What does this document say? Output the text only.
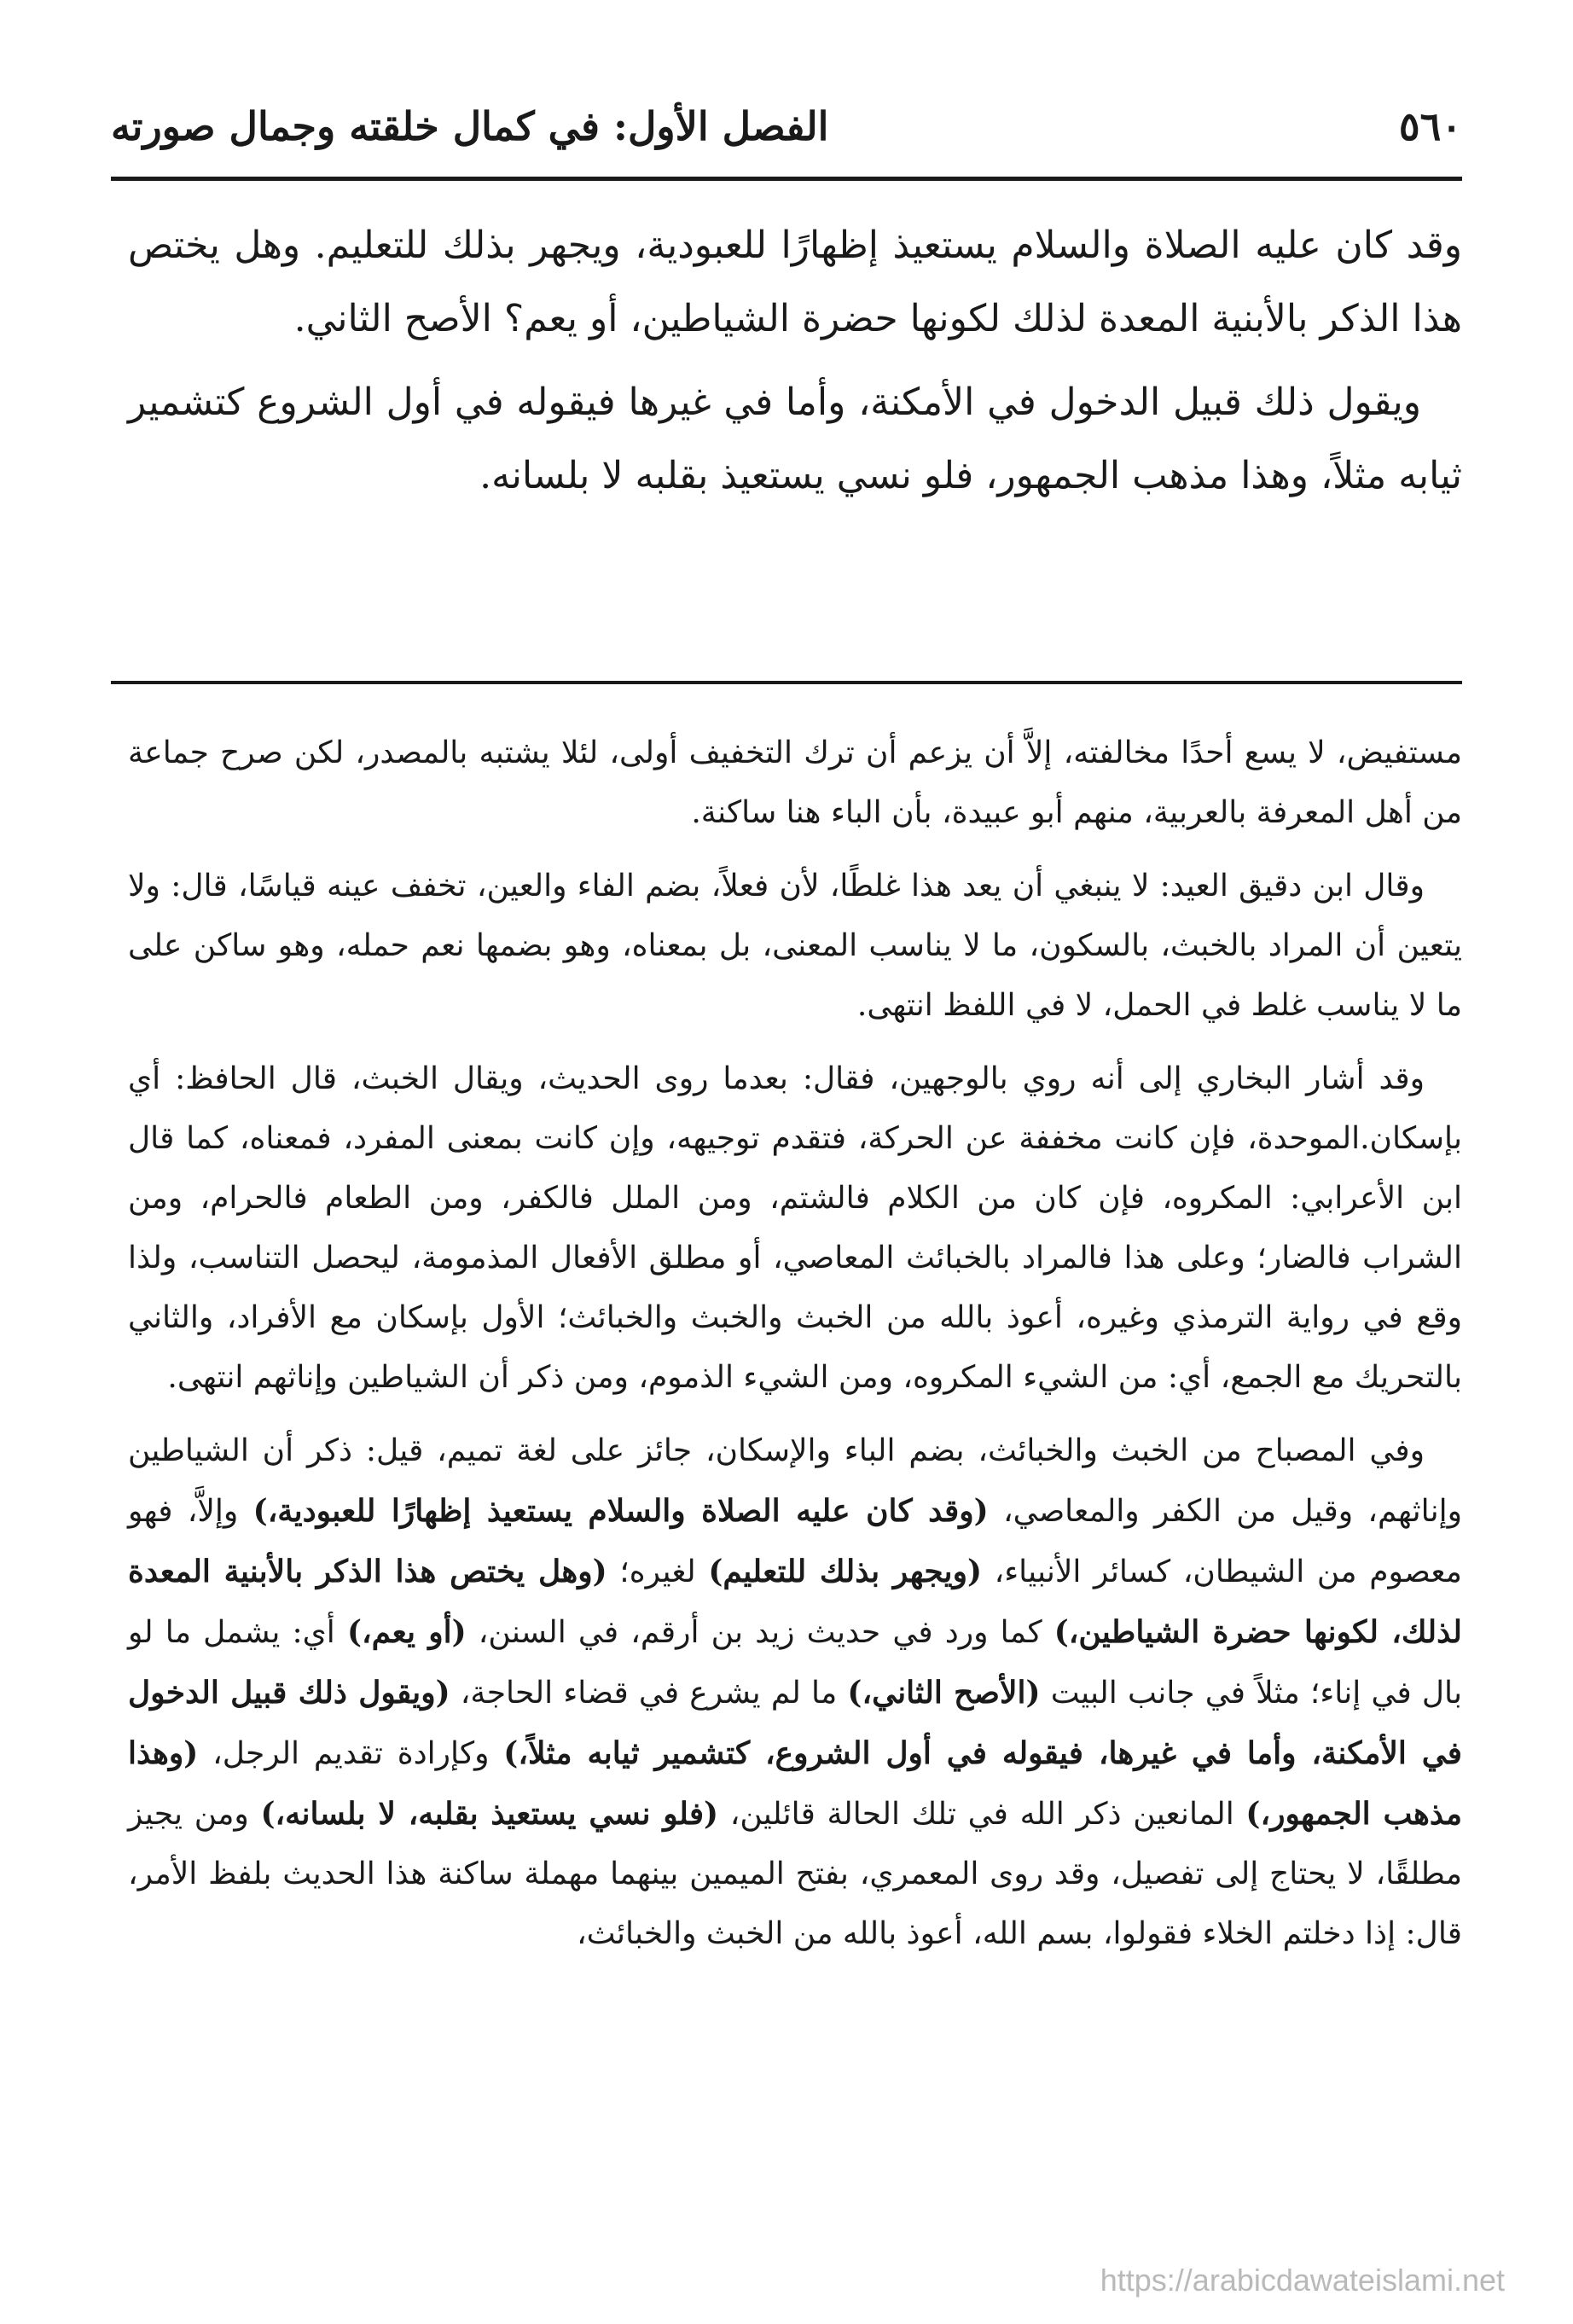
٥٦٠
الفصل الأول: في كمال خلقته وجمال صورته

وقد كان عليه الصلاة والسلام يستعيذ إظهارًا للعبودية، ويجهر بذلك للتعليم. وهل يختص هذا الذكر بالأبنية المعدة لذلك لكونها حضرة الشياطين، أو يعم؟ الأصح الثاني.

ويقول ذلك قبيل الدخول في الأمكنة، وأما في غيرها فيقوله في أول الشروع كتشمير ثيابه مثلاً، وهذا مذهب الجمهور، فلو نسي يستعيذ بقلبه لا بلسانه.

مستفيض، لا يسع أحدًا مخالفته، إلاَّ أن يزعم أن ترك التخفيف أولى، لئلا يشتبه بالمصدر، لكن صرح جماعة من أهل المعرفة بالعربية، منهم أبو عبيدة، بأن الباء هنا ساكنة.

وقال ابن دقيق العيد: لا ينبغي أن يعد هذا غلطًا، لأن فعلاً، بضم الفاء والعين، تخفف عينه قياسًا، قال: ولا يتعين أن المراد بالخبث، بالسكون، ما لا يناسب المعنى، بل بمعناه، وهو بضمها نعم حمله، وهو ساكن على ما لا يناسب غلط في الحمل، لا في اللفظ انتهى.

وقد أشار البخاري إلى أنه روي بالوجهين، فقال: بعدما روى الحديث، ويقال الخبث، قال الحافظ: أي بإسكان.الموحدة، فإن كانت مخففة عن الحركة، فتقدم توجيهه، وإن كانت بمعنى المفرد، فمعناه، كما قال ابن الأعرابي: المكروه، فإن كان من الكلام فالشتم، ومن الملل فالكفر، ومن الطعام فالحرام، ومن الشراب فالضار؛ وعلى هذا فالمراد بالخبائث المعاصي، أو مطلق الأفعال المذمومة، ليحصل التناسب، ولذا وقع في رواية الترمذي وغيره، أعوذ بالله من الخبث والخبث والخبائث؛ الأول بإسكان مع الأفراد، والثاني بالتحريك مع الجمع، أي: من الشيء المكروه، ومن الشيء الذموم، ومن ذكر أن الشياطين وإناثهم انتهى.

وفي المصباح من الخبث والخبائث، بضم الباء والإسكان، جائز على لغة تميم، قيل: ذكر أن الشياطين وإناثهم، وقيل من الكفر والمعاصي، (وقد كان عليه الصلاة والسلام يستعيذ إظهارًا للعبودية،) وإلاَّ، فهو معصوم من الشيطان، كسائر الأنبياء، (ويجهر بذلك للتعليم) لغيره؛ (وهل يختص هذا الذكر بالأبنية المعدة لذلك، لكونها حضرة الشياطين،) كما ورد في حديث زيد بن أرقم، في السنن، (أو يعم،) أي: يشمل ما لو بال في إناء؛ مثلاً في جانب البيت (الأصح الثاني،) ما لم يشرع في قضاء الحاجة، (ويقول ذلك قبيل الدخول في الأمكنة، وأما في غيرها، فيقوله في أول الشروع، كتشمير ثيابه مثلاً،) وكإرادة تقديم الرجل، (وهذا مذهب الجمهور،) المانعين ذكر الله في تلك الحالة قائلين، (فلو نسي يستعيذ بقلبه، لا بلسانه،) ومن يجيز مطلقًا، لا يحتاج إلى تفصيل، وقد روى المعمري، بفتح الميمين بينهما مهملة ساكنة هذا الحديث بلفظ الأمر، قال: إذا دخلتم الخلاء فقولوا، بسم الله، أعوذ بالله من الخبث والخبائث،

https://arabicdawateislami.net
